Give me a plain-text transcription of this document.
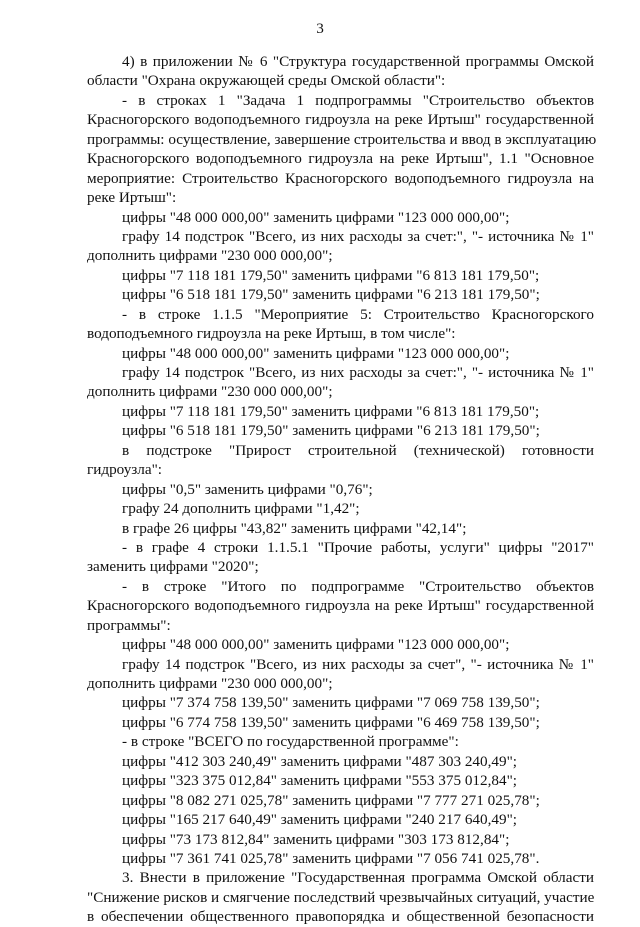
3
4) в приложении № 6 "Структура государственной программы Омской
области "Охрана окружающей среды Омской области":
- в строках 1 "Задача 1 подпрограммы "Строительство объектов
Красногорского водоподъемного гидроузла на реке Иртыш" государственной
программы: осуществление, завершение строительства и ввод в эксплуатацию
Красногорского водоподъемного гидроузла на реке Иртыш", 1.1 "Основное
мероприятие: Строительство Красногорского водоподъемного гидроузла на
реке Иртыш":
цифры "48 000 000,00" заменить цифрами "123 000 000,00";
графу 14 подстрок "Всего, из них расходы за счет:", "- источника № 1"
дополнить цифрами "230 000 000,00";
цифры "7 118 181 179,50" заменить цифрами "6 813 181 179,50";
цифры "6 518 181 179,50" заменить цифрами "6 213 181 179,50";
- в строке 1.1.5 "Мероприятие 5: Строительство Красногорского
водоподъемного гидроузла на реке Иртыш, в том числе":
цифры "48 000 000,00" заменить цифрами "123 000 000,00";
графу 14 подстрок "Всего, из них расходы за счет:", "- источника № 1"
дополнить цифрами "230 000 000,00";
цифры "7 118 181 179,50" заменить цифрами "6 813 181 179,50";
цифры "6 518 181 179,50" заменить цифрами "6 213 181 179,50";
в подстроке "Прирост строительной (технической) готовности
гидроузла":
цифры "0,5" заменить цифрами "0,76";
графу 24 дополнить цифрами "1,42";
в графе 26 цифры "43,82" заменить цифрами "42,14";
- в графе 4 строки 1.1.5.1 "Прочие работы, услуги" цифры "2017"
заменить цифрами "2020";
- в строке "Итого по подпрограмме "Строительство объектов
Красногорского водоподъемного гидроузла на реке Иртыш" государственной
программы":
цифры "48 000 000,00" заменить цифрами "123 000 000,00";
графу 14 подстрок "Всего, из них расходы за счет", "- источника № 1"
дополнить цифрами "230 000 000,00";
цифры "7 374 758 139,50" заменить цифрами "7 069 758 139,50";
цифры "6 774 758 139,50" заменить цифрами "6 469 758 139,50";
- в строке "ВСЕГО по государственной программе":
цифры "412 303 240,49" заменить цифрами "487 303 240,49";
цифры "323 375 012,84" заменить цифрами "553 375 012,84";
цифры "8 082 271 025,78" заменить цифрами "7 777 271 025,78";
цифры "165 217 640,49" заменить цифрами "240 217 640,49";
цифры "73 173 812,84" заменить цифрами "303 173 812,84";
цифры "7 361 741 025,78" заменить цифрами "7 056 741 025,78".
3. Внести в приложение "Государственная программа Омской области
"Снижение рисков и смягчение последствий чрезвычайных ситуаций, участие
в обеспечении общественного правопорядка и общественной безопасности
